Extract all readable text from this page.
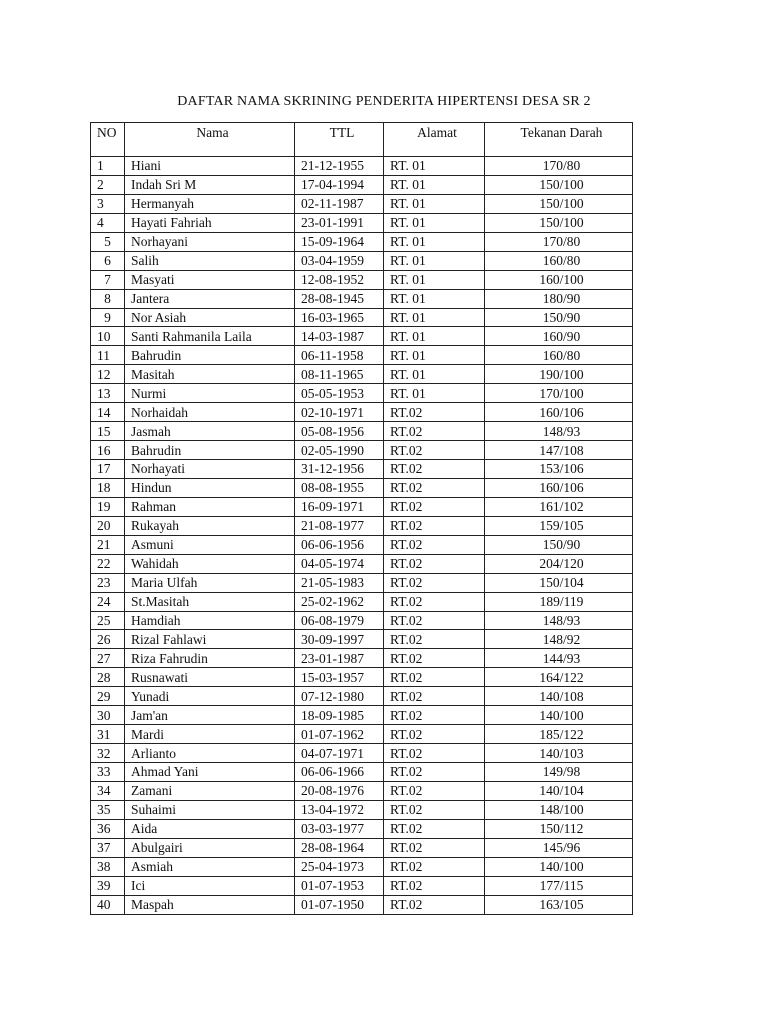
DAFTAR NAMA SKRINING PENDERITA HIPERTENSI DESA SR 2
NO	Nama	TTL	Alamat	Tekanan Darah
1	Hiani	21-12-1955	RT. 01	170/80
2	Indah Sri M	17-04-1994	RT. 01	150/100
3	Hermanyah	02-11-1987	RT. 01	150/100
4	Hayati Fahriah	23-01-1991	RT. 01	150/100
5	Norhayani	15-09-1964	RT. 01	170/80
6	Salih	03-04-1959	RT. 01	160/80
7	Masyati	12-08-1952	RT. 01	160/100
8	Jantera	28-08-1945	RT. 01	180/90
9	Nor Asiah	16-03-1965	RT. 01	150/90
10	Santi Rahmanila Laila	14-03-1987	RT. 01	160/90
11	Bahrudin	06-11-1958	RT. 01	160/80
12	Masitah	08-11-1965	RT. 01	190/100
13	Nurmi	05-05-1953	RT. 01	170/100
14	Norhaidah	02-10-1971	RT.02	160/106
15	Jasmah	05-08-1956	RT.02	148/93
16	Bahrudin	02-05-1990	RT.02	147/108
17	Norhayati	31-12-1956	RT.02	153/106
18	Hindun	08-08-1955	RT.02	160/106
19	Rahman	16-09-1971	RT.02	161/102
20	Rukayah	21-08-1977	RT.02	159/105
21	Asmuni	06-06-1956	RT.02	150/90
22	Wahidah	04-05-1974	RT.02	204/120
23	Maria Ulfah	21-05-1983	RT.02	150/104
24	St.Masitah	25-02-1962	RT.02	189/119
25	Hamdiah	06-08-1979	RT.02	148/93
26	Rizal Fahlawi	30-09-1997	RT.02	148/92
27	Riza Fahrudin	23-01-1987	RT.02	144/93
28	Rusnawati	15-03-1957	RT.02	164/122
29	Yunadi	07-12-1980	RT.02	140/108
30	Jam'an	18-09-1985	RT.02	140/100
31	Mardi	01-07-1962	RT.02	185/122
32	Arlianto	04-07-1971	RT.02	140/103
33	Ahmad Yani	06-06-1966	RT.02	149/98
34	Zamani	20-08-1976	RT.02	140/104
35	Suhaimi	13-04-1972	RT.02	148/100
36	Aida	03-03-1977	RT.02	150/112
37	Abulgairi	28-08-1964	RT.02	145/96
38	Asmiah	25-04-1973	RT.02	140/100
39	Ici	01-07-1953	RT.02	177/115
40	Maspah	01-07-1950	RT.02	163/105
